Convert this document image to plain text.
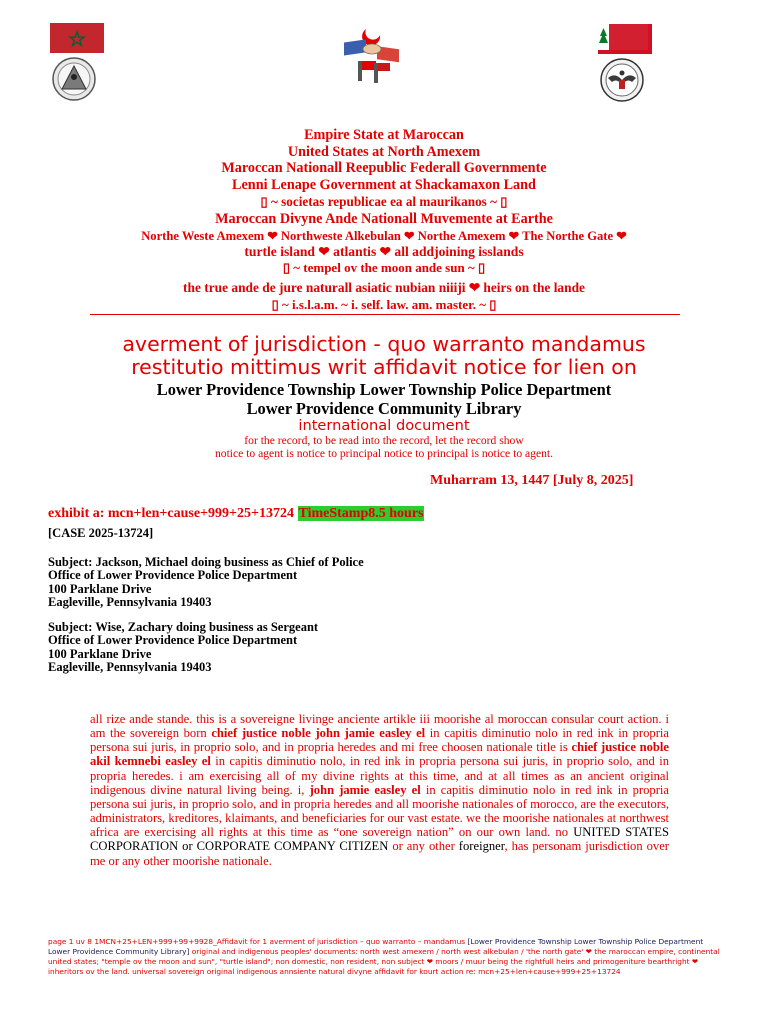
Empire State at Maroccan
United States at North Amexem
Maroccan Nationall Reepublic Federall Governmente
Lenni Lenape Government at Shackamaxon Land
▯ ~ societas republicae ea al maurikanos ~ ▯
Maroccan Divyne Ande Nationall Muvemente at Earthe
Northe Weste Amexem ❤ Northweste Alkebulan ❤ Northe Amexem ❤ The Northe Gate ❤
turtle island ❤ atlantis ❤ all addjoining isslands
▯ ~ tempel ov the moon ande sun ~ ▯
the true ande de jure naturall asiatic nubian niiiji ❤ heirs on the lande
▯ ~ i.s.l.a.m. ~ i. self. law. am. master. ~ ▯
averment of jurisdiction - quo warranto mandamus
restitutio mittimus writ affidavit notice for lien on
Lower Providence Township Lower Township Police Department
Lower Providence Community Library
international document
for the record, to be read into the record, let the record show
notice to agent is notice to principal notice to principal is notice to agent.
Muharram 13, 1447 [July 8, 2025]
exhibit a: mcn+len+cause+999+25+13724 TimeStamp8.5 hours
[CASE 2025-13724]
Subject: Jackson, Michael doing business as Chief of Police
Office of Lower Providence Police Department
100 Parklane Drive
Eagleville, Pennsylvania 19403
Subject: Wise, Zachary doing business as Sergeant
Office of Lower Providence Police Department
100 Parklane Drive
Eagleville, Pennsylvania 19403
all rize ande stande. this is a sovereigne livinge anciente artikle iii moorishe al moroccan consular court action. i am the sovereign born chief justice noble john jamie easley el in capitis diminutio nolo in red ink in propria persona sui juris, in proprio solo, and in propria heredes and mi free choosen nationale title is chief justice noble akil kemnebi easley el in capitis diminutio nolo, in red ink in propria persona sui juris, in proprio solo, and in propria heredes. i am exercising all of my divine rights at this time, and at all times as an ancient original indigenous divine natural living being. i, john jamie easley el in capitis diminutio nolo in red ink in propria persona sui juris, in proprio solo, and in propria heredes and all moorishe nationales of morocco, are the executors, administrators, kreditores, klaimants, and beneficiaries for our vast estate. we the moorishe nationales at northwest africa are exercising all rights at this time as “one sovereign nation” on our own land. no UNITED STATES CORPORATION or CORPORATE COMPANY CITIZEN or any other foreigner, has personam jurisdiction over me or any other moorishe nationale.
page 1 uv 8 1MCN+25+LEN+999+99+9928_Affidavit for 1 averment of jurisdiction – quo warranto – mandamus [Lower Providence Township Lower Township Police Department Lower Providence Community Library] original and indigenous peoples' documents: north west amexem / north west alkebulan / 'the north gate' ❤ the maroccan empire, continental united states; "temple ov the moon and sun", "turtle island"; non domestic, non resident, non subject ❤ moors / muur being the rightfull heirs and primogeniture bearthright ❤ inheritors ov the land. universal sovereign original indigenous annsiente natural divyne affidavit for kourt action re: mcn+25+len+cause+999+25+13724
